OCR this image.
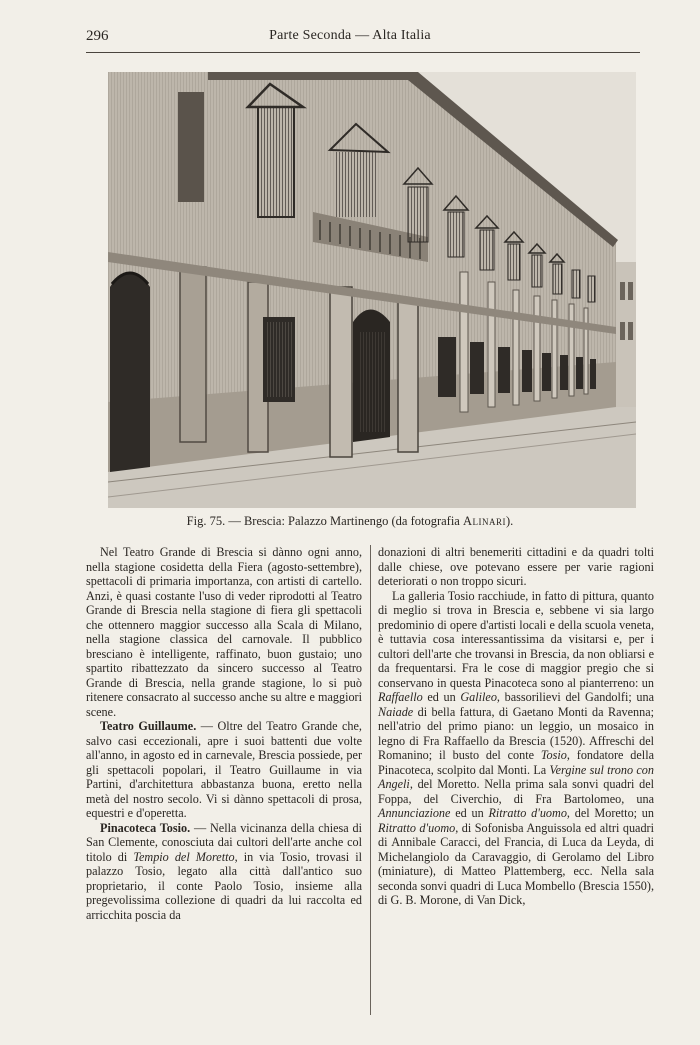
296	Parte Seconda — Alta Italia
Fig. 75. — Brescia: Palazzo Martinengo (da fotografia Alinari).

Nel Teatro Grande di Brescia si dànno ogni anno, nella stagione cosidetta della Fiera (agosto-settembre), spettacoli di primaria importanza, con artisti di cartello. Anzi, è quasi costante l'uso di veder riprodotti al Teatro Grande di Brescia nella stagione di fiera gli spettacoli che ottennero maggior successo alla Scala di Milano, nella stagione classica del carnovale. Il pubblico bresciano è intelligente, raffinato, buon gustaio; uno spartito ribattezzato da sincero successo al Teatro Grande di Brescia, nella grande stagione, lo si può ritenere consacrato al successo anche su altre e maggiori scene.

Teatro Guillaume. — Oltre del Teatro Grande che, salvo casi eccezionali, apre i suoi battenti due volte all'anno, in agosto ed in carnevale, Brescia possiede, per gli spettacoli popolari, il Teatro Guillaume in via Partini, d'architettura abbastanza buona, eretto nella metà del nostro secolo. Vi si dànno spettacoli di prosa, equestri e d'operetta.

Pinacoteca Tosio. — Nella vicinanza della chiesa di San Clemente, conosciuta dai cultori dell'arte anche col titolo di Tempio del Moretto, in via Tosio, trovasi il palazzo Tosio, legato alla città dall'antico suo proprietario, il conte Paolo Tosio, insieme alla pregevolissima collezione di quadri da lui raccolta ed arricchita poscia da

donazioni di altri benemeriti cittadini e da quadri tolti dalle chiese, ove potevano essere per varie ragioni deteriorati o non troppo sicuri.

La galleria Tosio racchiude, in fatto di pittura, quanto di meglio si trova in Brescia e, sebbene vi sia largo predominio di opere d'artisti locali e della scuola veneta, è tuttavia cosa interessantissima da visitarsi e, per i cultori dell'arte che trovansi in Brescia, da non obliarsi e da frequentarsi. Fra le cose di maggior pregio che si conservano in questa Pinacoteca sono al pianterreno: un Raffaello ed un Galileo, bassorilievi del Gandolfi; una Naiade di bella fattura, di Gaetano Monti da Ravenna; nell'atrio del primo piano: un leggio, un mosaico in legno di Fra Raffaello da Brescia (1520). Affreschi del Romanino; il busto del conte Tosio, fondatore della Pinacoteca, scolpito dal Monti. La Vergine sul trono con Angeli, del Moretto. Nella prima sala sonvi quadri del Foppa, del Civerchio, di Fra Bartolomeo, una Annunciazione ed un Ritratto d'uomo, del Moretto; un Ritratto d'uomo, di Sofonisba Anguissola ed altri quadri di Annibale Caracci, del Francia, di Luca da Leyda, di Michelangiolo da Caravaggio, di Gerolamo del Libro (miniature), di Matteo Plattemberg, ecc. Nella sala seconda sonvi quadri di Luca Mombello (Brescia 1550), di G. B. Morone, di Van Dick,
